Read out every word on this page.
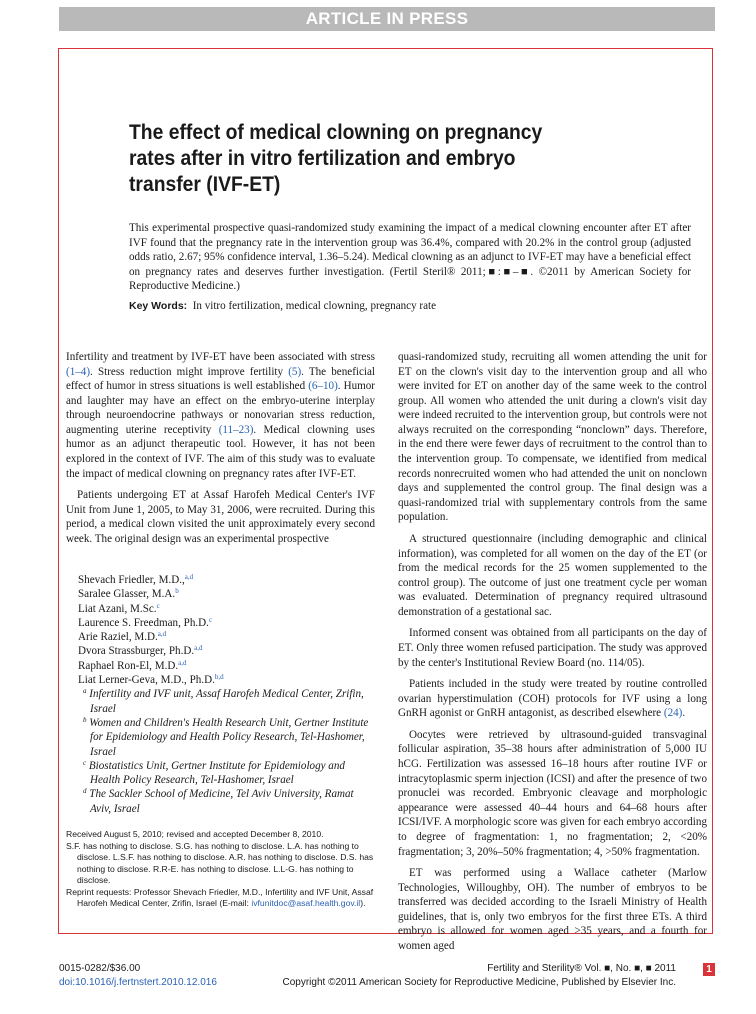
ARTICLE IN PRESS
The effect of medical clowning on pregnancy rates after in vitro fertilization and embryo transfer (IVF-ET)

This experimental prospective quasi-randomized study examining the impact of a medical clowning encounter after ET after IVF found that the pregnancy rate in the intervention group was 36.4%, compared with 20.2% in the control group (adjusted odds ratio, 2.67; 95% confidence interval, 1.36–5.24). Medical clowning as an adjunct to IVF-ET may have a beneficial effect on pregnancy rates and deserves further investigation. (Fertil Steril® 2011;■:■–■. ©2011 by American Society for Reproductive Medicine.)

Key Words: In vitro fertilization, medical clowning, pregnancy rate

Infertility and treatment by IVF-ET have been associated with stress (1–4). Stress reduction might improve fertility (5). The beneficial effect of humor in stress situations is well established (6–10). Humor and laughter may have an effect on the embryo-uterine interplay through neuroendocrine pathways or nonovarian stress reduction, augmenting uterine receptivity (11–23). Medical clowning uses humor as an adjunct therapeutic tool. However, it has not been explored in the context of IVF. The aim of this study was to evaluate the impact of medical clowning on pregnancy rates after IVF-ET.

Patients undergoing ET at Assaf Harofeh Medical Center's IVF Unit from June 1, 2005, to May 31, 2006, were recruited. During this period, a medical clown visited the unit approximately every second week. The original design was an experimental prospective

Shevach Friedler, M.D.,$^{a,d}$

Saralee Glasser, M.A.$^b$

Liat Azani, M.Sc.$^c$

Laurence S. Freedman, Ph.D.$^c$

Arie Raziel, M.D.$^{a,d}$

Dvora Strassburger, Ph.D.$^{a,d}$

Raphael Ron-El, M.D.$^{a,d}$

Liat Lerner-Geva, M.D., Ph.D.$^{b,d}$

$^a$ Infertility and IVF unit, Assaf Harofeh Medical Center, Zrifin, Israel

$^b$ Women and Children's Health Research Unit, Gertner Institute for Epidemiology and Health Policy Research, Tel-Hashomer, Israel

$^c$ Biostatistics Unit, Gertner Institute for Epidemiology and Health Policy Research, Tel-Hashomer, Israel

$^d$ The Sackler School of Medicine, Tel Aviv University, Ramat Aviv, Israel

Received August 5, 2010; revised and accepted December 8, 2010.

S.F. has nothing to disclose. S.G. has nothing to disclose. L.A. has nothing to disclose. L.S.F. has nothing to disclose. A.R. has nothing to disclose. D.S. has nothing to disclose. R.R-E. has nothing to disclose. L.L-G. has nothing to disclose.

Reprint requests: Professor Shevach Friedler, M.D., Infertility and IVF Unit, Assaf Harofeh Medical Center, Zrifin, Israel (E-mail: ivfunitdoc@asaf.health.gov.il).

quasi-randomized study, recruiting all women attending the unit for ET on the clown's visit day to the intervention group and all who were invited for ET on another day of the same week to the control group. All women who attended the unit during a clown's visit day were indeed recruited to the intervention group, but controls were not always recruited on the corresponding “nonclown” days. Therefore, in the end there were fewer days of recruitment to the control than to the intervention group. To compensate, we identified from medical records nonrecruited women who had attended the unit on nonclown days and supplemented the control group. The final design was a quasi-randomized trial with supplementary controls from the same population.

A structured questionnaire (including demographic and clinical information), was completed for all women on the day of the ET (or from the medical records for the 25 women supplemented to the control group). The outcome of just one treatment cycle per woman was evaluated. Determination of pregnancy required ultrasound demonstration of a gestational sac.

Informed consent was obtained from all participants on the day of ET. Only three women refused participation. The study was approved by the center's Institutional Review Board (no. 114/05).

Patients included in the study were treated by routine controlled ovarian hyperstimulation (COH) protocols for IVF using a long GnRH agonist or GnRH antagonist, as described elsewhere (24).

Oocytes were retrieved by ultrasound-guided transvaginal follicular aspiration, 35–38 hours after administration of 5,000 IU hCG. Fertilization was assessed 16–18 hours after routine IVF or intracytoplasmic sperm injection (ICSI) and after the presence of two pronuclei was recorded. Embryonic cleavage and morphologic appearance were assessed 40–44 hours and 64–68 hours after ICSI/IVF. A morphologic score was given for each embryo according to degree of fragmentation: 1, no fragmentation; 2, <20% fragmentation; 3, 20%–50% fragmentation; 4, >50% fragmentation.

ET was performed using a Wallace catheter (Marlow Technologies, Willoughby, OH). The number of embryos to be transferred was decided according to the Israeli Ministry of Health guidelines, that is, only two embryos for the first three ETs. A third embryo is allowed for women aged >35 years, and a fourth for women aged

0015-0282/$36.00
doi:10.1016/j.fertnstert.2010.12.016
Fertility and Sterility® Vol. ■, No. ■, ■ 2011
Copyright ©2011 American Society for Reproductive Medicine, Published by Elsevier Inc.
1
